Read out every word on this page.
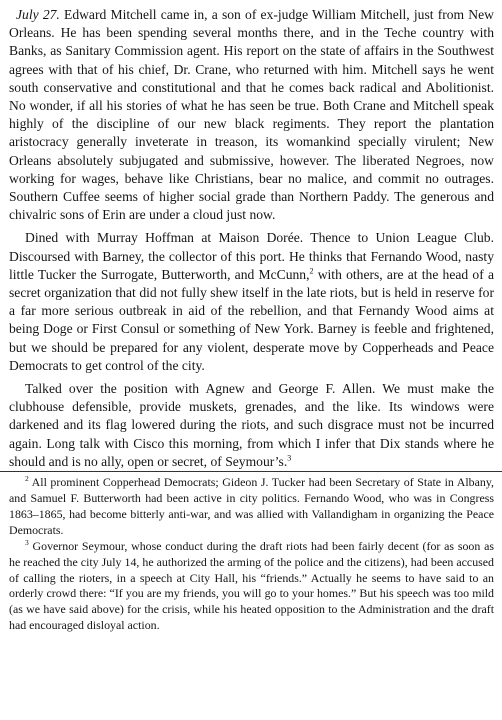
July 27. Edward Mitchell came in, a son of ex-judge William Mitchell, just from New Orleans. He has been spending several months there, and in the Teche country with Banks, as Sanitary Commission agent. His report on the state of affairs in the Southwest agrees with that of his chief, Dr. Crane, who returned with him. Mitchell says he went south conservative and constitutional and that he comes back radical and Abolitionist. No wonder, if all his stories of what he has seen be true. Both Crane and Mitchell speak highly of the discipline of our new black regiments. They report the plantation aristocracy generally inveterate in treason, its womankind specially virulent; New Orleans absolutely subjugated and submissive, however. The liberated Negroes, now working for wages, behave like Christians, bear no malice, and commit no outrages. Southern Cuffee seems of higher social grade than Northern Paddy. The generous and chivalric sons of Erin are under a cloud just now.

Dined with Murray Hoffman at Maison Dorée. Thence to Union League Club. Discoursed with Barney, the collector of this port. He thinks that Fernando Wood, nasty little Tucker the Surrogate, Butterworth, and McCunn,$^2$ with others, are at the head of a secret organization that did not fully shew itself in the late riots, but is held in reserve for a far more serious outbreak in aid of the rebellion, and that Fernandy Wood aims at being Doge or First Consul or something of New York. Barney is feeble and frightened, but we should be prepared for any violent, desperate move by Copperheads and Peace Democrats to get control of the city.

Talked over the position with Agnew and George F. Allen. We must make the clubhouse defensible, provide muskets, grenades, and the like. Its windows were darkened and its flag lowered during the riots, and such disgrace must not be incurred again. Long talk with Cisco this morning, from which I infer that Dix stands where he should and is no ally, open or secret, of Seymour’s.$^3$

$^2$ All prominent Copperhead Democrats; Gideon J. Tucker had been Secretary of State in Albany, and Samuel F. Butterworth had been active in city politics. Fernando Wood, who was in Congress 1863–1865, had become bitterly anti-war, and was allied with Vallandigham in organizing the Peace Democrats.

$^3$ Governor Seymour, whose conduct during the draft riots had been fairly decent (for as soon as he reached the city July 14, he authorized the arming of the police and the citizens), had been accused of calling the rioters, in a speech at City Hall, his “friends.” Actually he seems to have said to an orderly crowd there: “If you are my friends, you will go to your homes.” But his speech was too mild (as we have said above) for the crisis, while his heated opposition to the Administration and the draft had encouraged disloyal action.
